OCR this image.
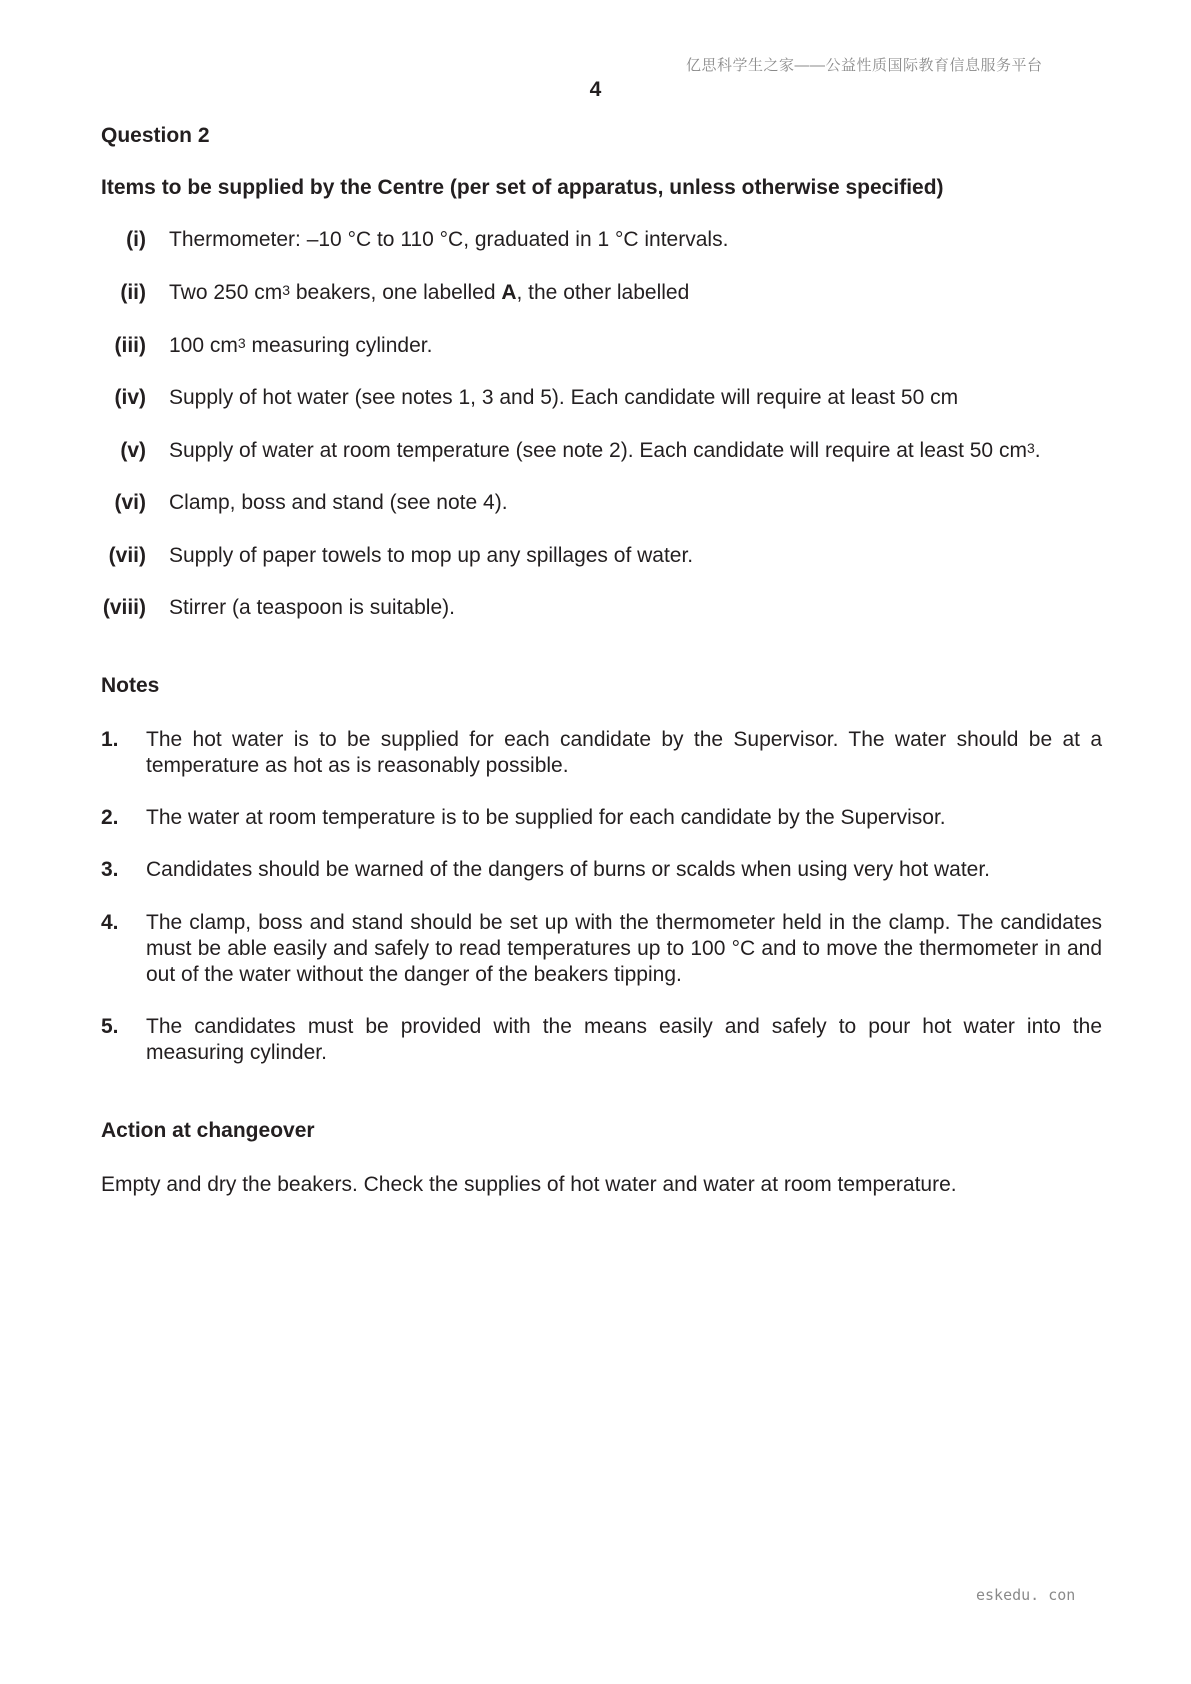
亿思科学生之家——公益性质国际教育信息服务平台
4
Question 2
Items to be supplied by the Centre (per set of apparatus, unless otherwise specified)
(i) Thermometer: –10 °C to 110 °C, graduated in 1 °C intervals.
(ii) Two 250 $cm^3$ beakers, one labelled A, the other labelled
(iii) 100 $cm^3$ measuring cylinder.
(iv) Supply of hot water (see notes 1, 3 and 5). Each candidate will require at least 50 cm
(v) Supply of water at room temperature (see note 2). Each candidate will require at least 50 $cm^3$.
(vi) Clamp, boss and stand (see note 4).
(vii) Supply of paper towels to mop up any spillages of water.
(viii) Stirrer (a teaspoon is suitable).
Notes
1. The hot water is to be supplied for each candidate by the Supervisor. The water should be at a temperature as hot as is reasonably possible.
2. The water at room temperature is to be supplied for each candidate by the Supervisor.
3. Candidates should be warned of the dangers of burns or scalds when using very hot water.
4. The clamp, boss and stand should be set up with the thermometer held in the clamp. The candidates must be able easily and safely to read temperatures up to 100 °C and to move the thermometer in and out of the water without the danger of the beakers tipping.
5. The candidates must be provided with the means easily and safely to pour hot water into the measuring cylinder.
Action at changeover
Empty and dry the beakers. Check the supplies of hot water and water at room temperature.
eskedu. con
